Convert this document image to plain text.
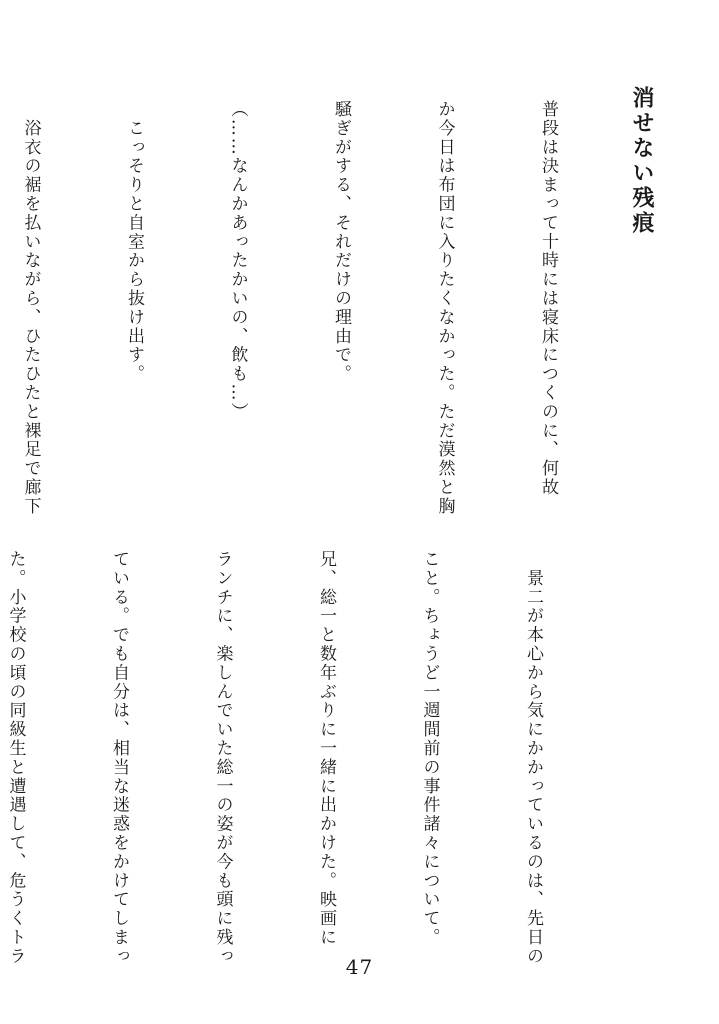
消せない残痕

普段は決まって十時には寝床につくのに、何故

か今日は布団に入りたくなかった。ただ漠然と胸

騒ぎがする、それだけの理由で。

（……なんかあったかいの、飲も…）

　こっそりと自室から抜け出す。

　浴衣の裾を払いながら、ひたひたと裸足で廊下

　景二が本心から気にかかっているのは、先日の

こと。ちょうど一週間前の事件諸々について。

兄、総一と数年ぶりに一緒に出かけた。映画に

ランチに、楽しんでいた総一の姿が今も頭に残っ

ている。でも自分は、相当な迷惑をかけてしまっ

た。小学校の頃の同級生と遭遇して、危うくトラ

47
